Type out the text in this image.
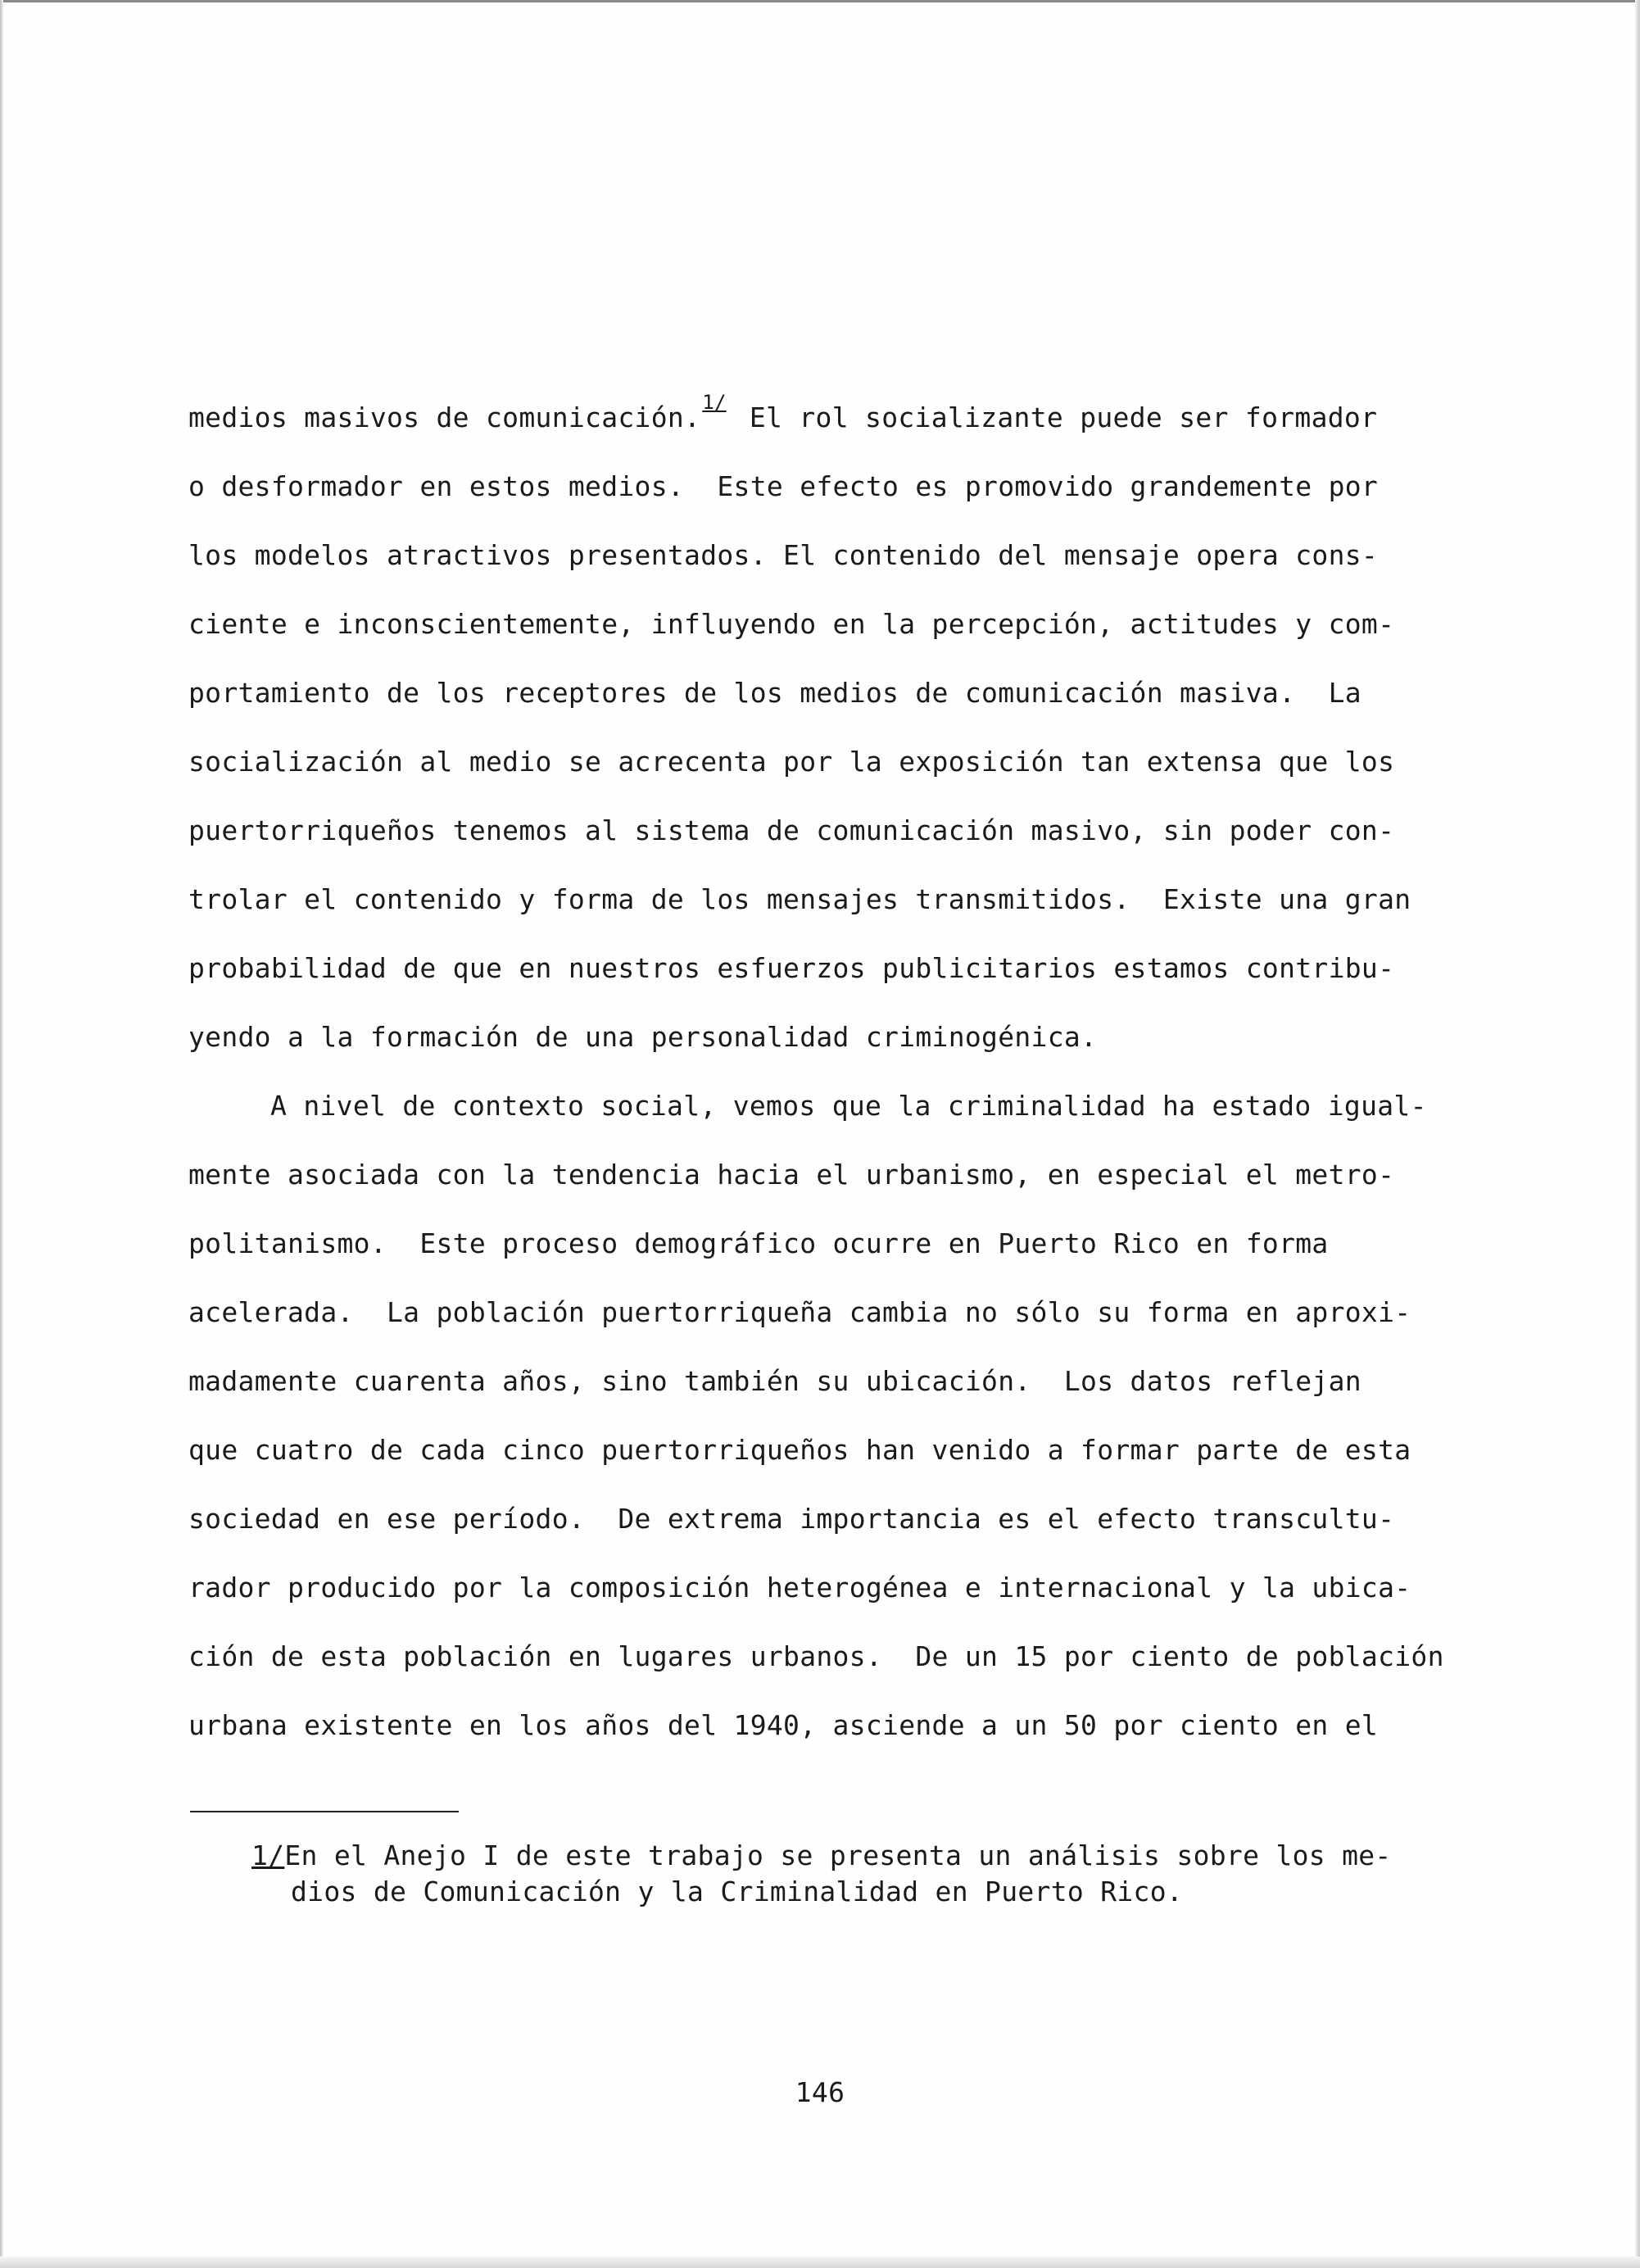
medios masivos de comunicación.$^{1/}$ El rol socializante puede ser formador
o desformador en estos medios.  Este efecto es promovido grandemente por
los modelos atractivos presentados. El contenido del mensaje opera cons-
ciente e inconscientemente, influyendo en la percepción, actitudes y com-
portamiento de los receptores de los medios de comunicación masiva.  La
socialización al medio se acrecenta por la exposición tan extensa que los
puertorriqueños tenemos al sistema de comunicación masivo, sin poder con-
trolar el contenido y forma de los mensajes transmitidos.  Existe una gran
probabilidad de que en nuestros esfuerzos publicitarios estamos contribu-
yendo a la formación de una personalidad criminogénica.
A nivel de contexto social, vemos que la criminalidad ha estado igual-
mente asociada con la tendencia hacia el urbanismo, en especial el metro-
politanismo.  Este proceso demográfico ocurre en Puerto Rico en forma
acelerada.  La población puertorriqueña cambia no sólo su forma en aproxi-
madamente cuarenta años, sino también su ubicación.  Los datos reflejan
que cuatro de cada cinco puertorriqueños han venido a formar parte de esta
sociedad en ese período.  De extrema importancia es el efecto transcultu-
rador producido por la composición heterogénea e internacional y la ubica-
ción de esta población en lugares urbanos.  De un 15 por ciento de población
urbana existente en los años del 1940, asciende a un 50 por ciento en el
1/En el Anejo I de este trabajo se presenta un análisis sobre los me-
dios de Comunicación y la Criminalidad en Puerto Rico.
146
